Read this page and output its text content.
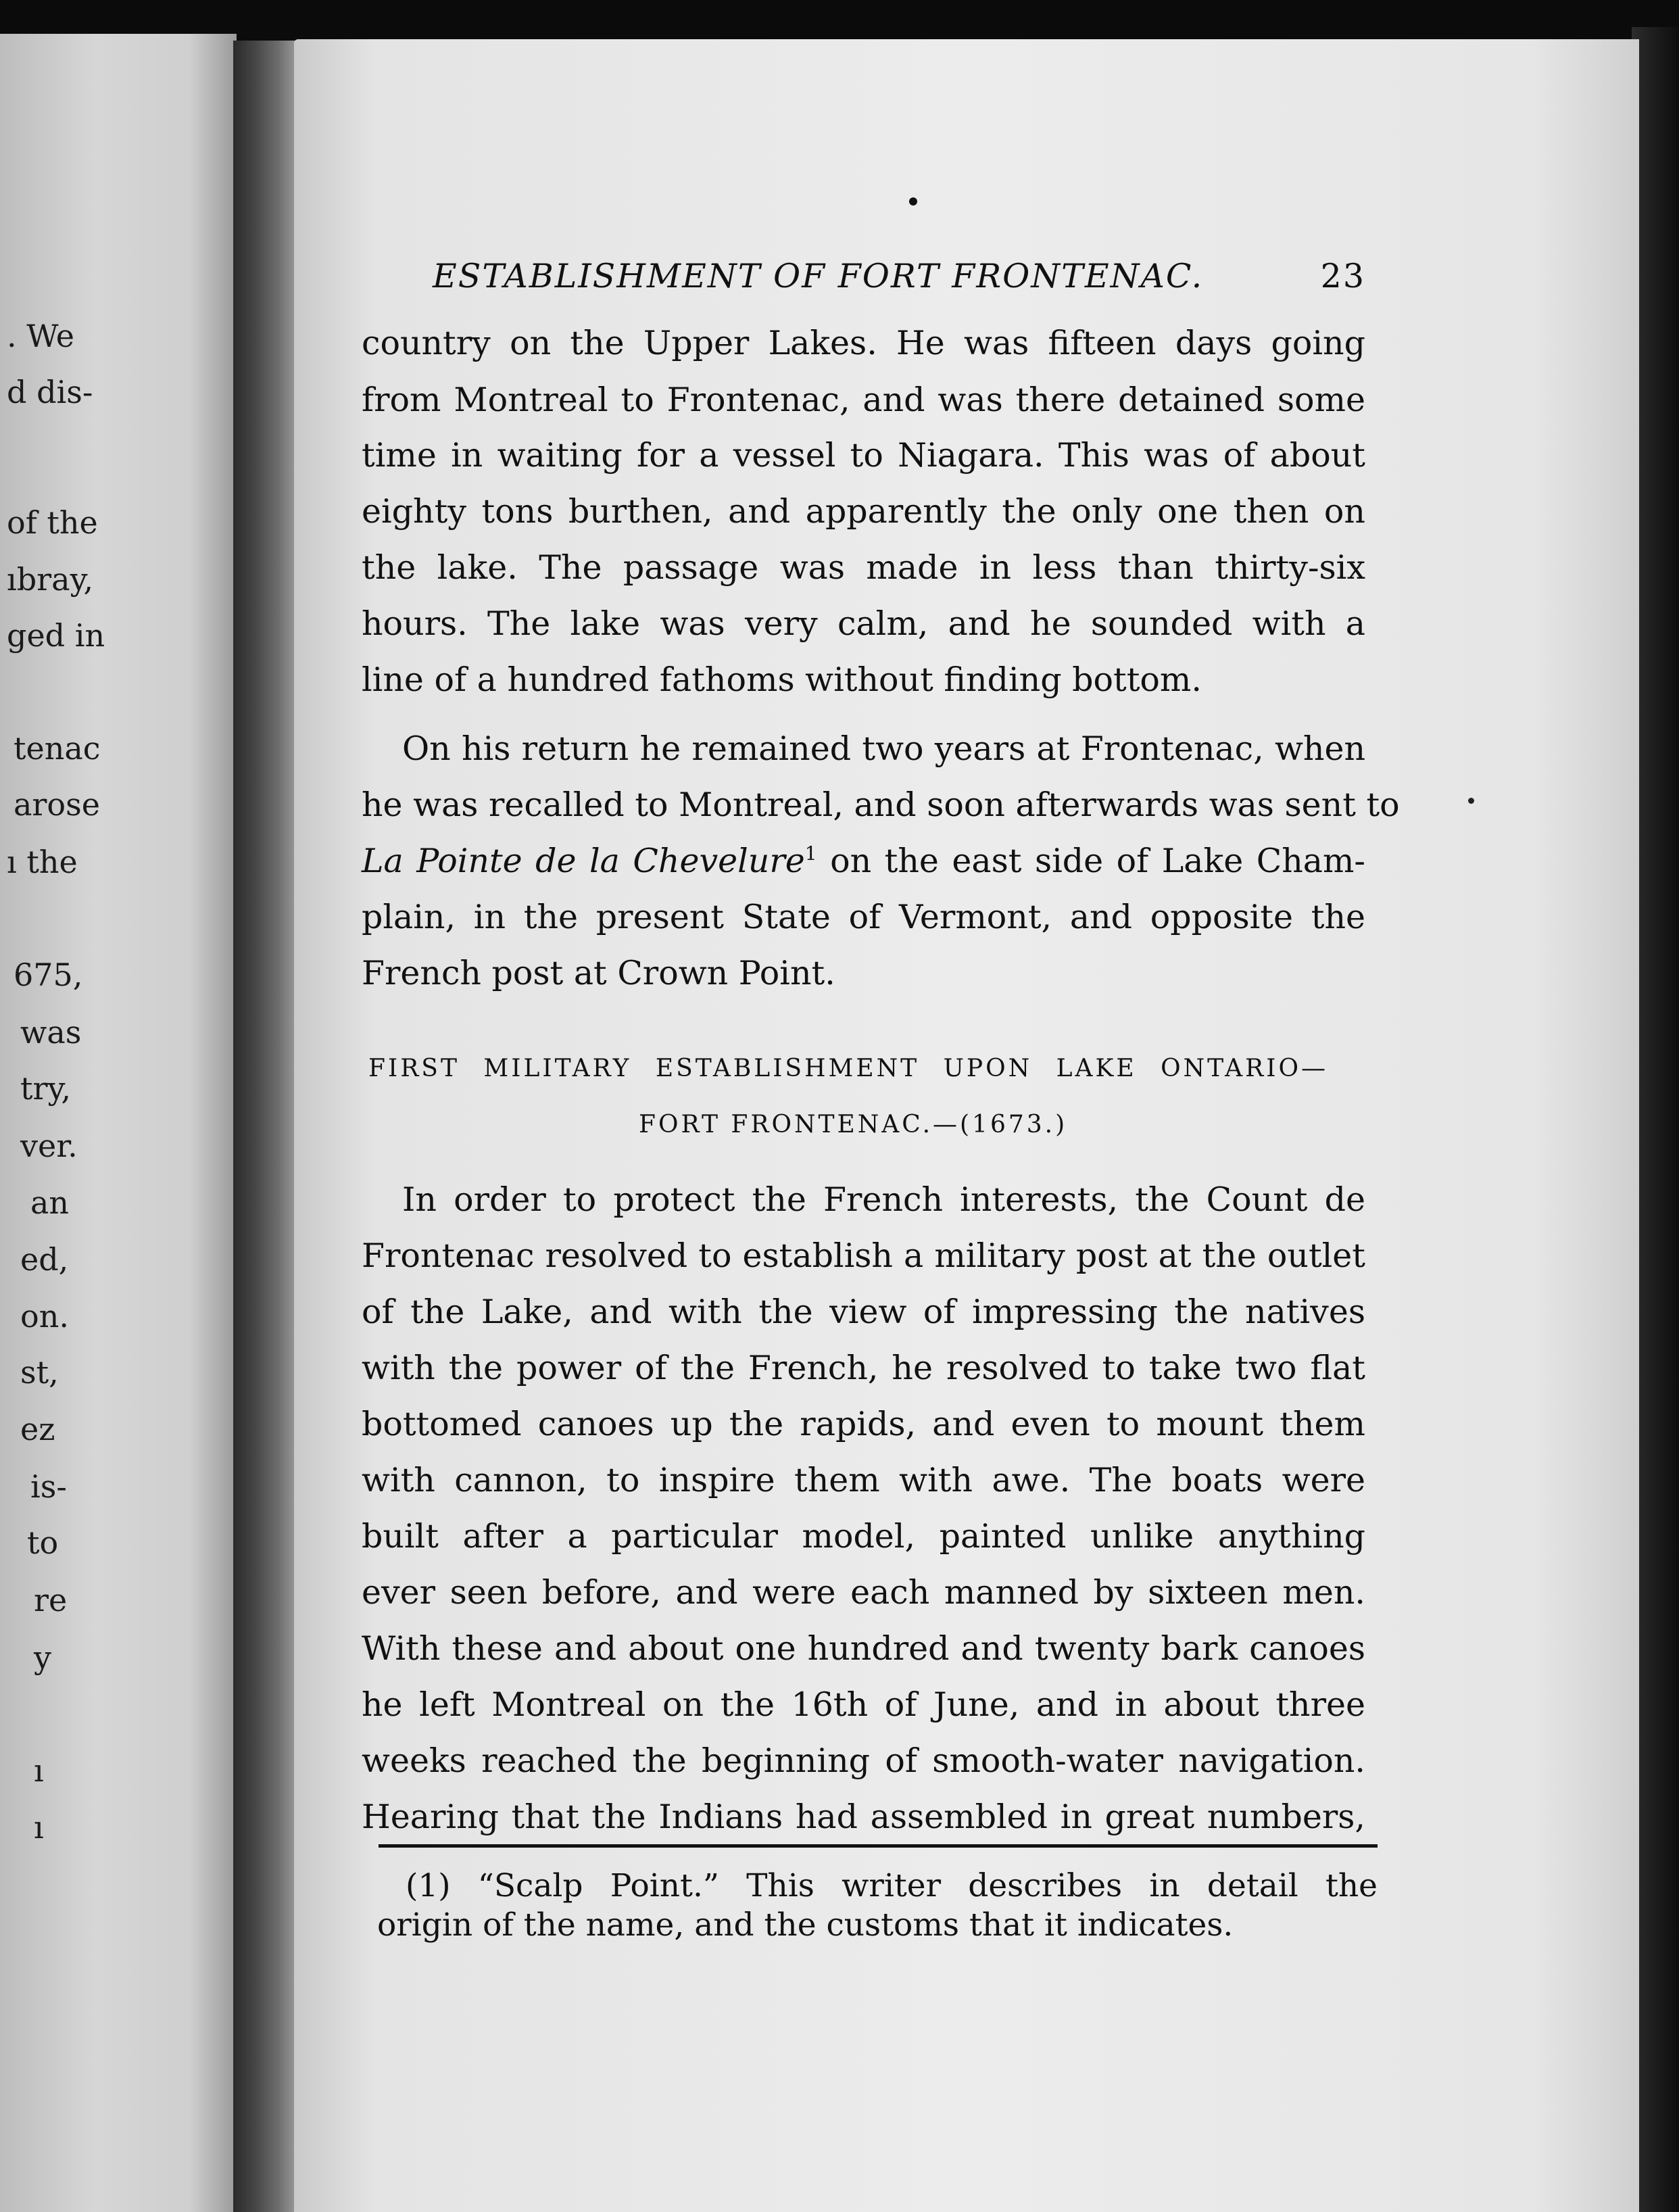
. We
d dis-
of the
ıbray,
ged in
tenac
arose
ı the
675,
was
try,
ver.
an
ed,
on.
st,
ez
is-
to
re
y
ı
ı
ESTABLISHMENT OF FORT FRONTENAC.	23
country on the Upper Lakes. He was fifteen days going
from Montreal to Frontenac, and was there detained some
time in waiting for a vessel to Niagara. This was of about
eighty tons burthen, and apparently the only one then on
the lake. The passage was made in less than thirty-six
hours. The lake was very calm, and he sounded with a
line of a hundred fathoms without finding bottom.
On his return he remained two years at Frontenac, when
he was recalled to Montreal, and soon afterwards was sent to
La Pointe de la Chevelure$^1$ on the east side of Lake Cham-
plain, in the present State of Vermont, and opposite the
French post at Crown Point.
FIRST MILITARY ESTABLISHMENT UPON LAKE ONTARIO—
FORT FRONTENAC.—(1673.)
In order to protect the French interests, the Count de
Frontenac resolved to establish a military post at the outlet
of the Lake, and with the view of impressing the natives
with the power of the French, he resolved to take two flat
bottomed canoes up the rapids, and even to mount them
with cannon, to inspire them with awe. The boats were
built after a particular model, painted unlike anything
ever seen before, and were each manned by sixteen men.
With these and about one hundred and twenty bark canoes
he left Montreal on the 16th of June, and in about three
weeks reached the beginning of smooth-water navigation.
Hearing that the Indians had assembled in great numbers,
(1) “Scalp Point.” This writer describes in detail the
origin of the name, and the customs that it indicates.
